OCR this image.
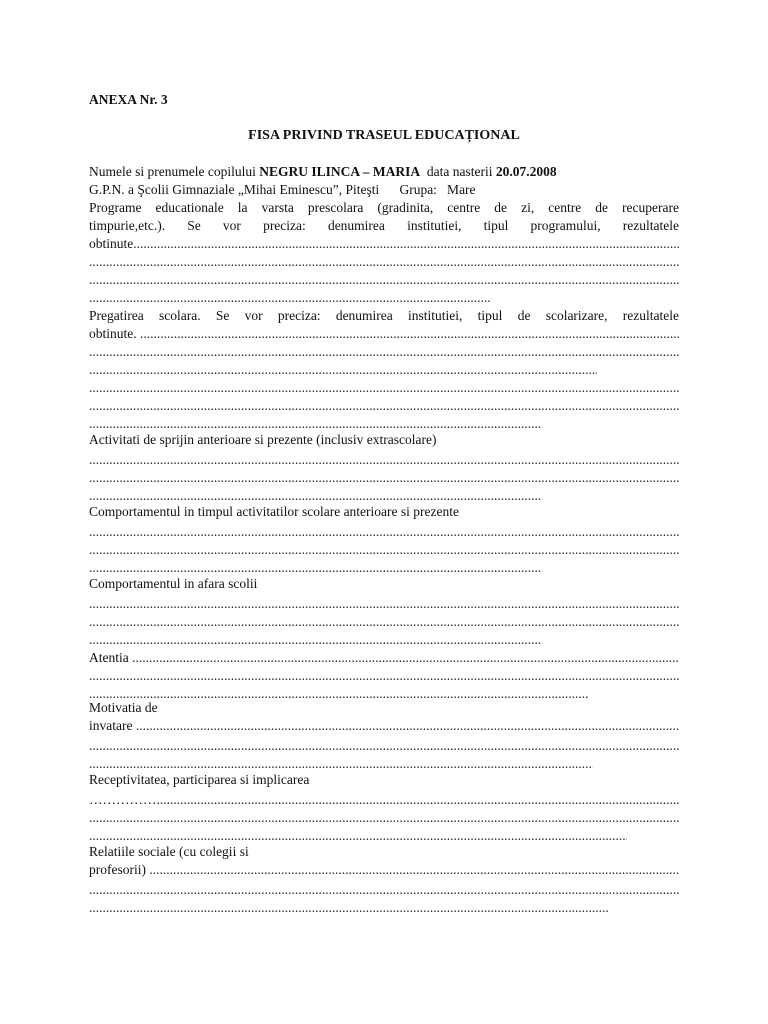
ANEXA Nr. 3
FISA PRIVIND TRASEUL EDUCAȚIONAL
Numele si prenumele copilului NEGRU ILINCA – MARIA data nasterii 20.07.2008
G.P.N. a Şcolii Gimnaziale „Mihai Eminescu”, Piteşti      Grupa:   Mare
Programe educationale la varsta prescolara (gradinita, centre de zi, centre de recuperare
timpurie,etc.). Se vor preciza: denumirea institutiei, tipul programului, rezultatele
obtinute .....
.....
.....
.....
Pregatirea scolara. Se vor preciza: denumirea institutiei, tipul de scolarizare, rezultatele
obtinute. .....
.....
.....
.....
.....
.....
Activitati de sprijin anterioare si prezente (inclusiv extrascolare)
.....
.....
.....
Comportamentul in timpul activitatilor scolare anterioare si prezente
.....
.....
.....
Comportamentul in afara scolii
.....
.....
.....
Atentia .....
.....
.....
Motivatia de
invatare .....
.....
.....
Receptivitatea, participarea si implicarea
……………. .....
.....
.....
Relatiile sociale (cu colegii si
profesorii) .....
.....
.....
